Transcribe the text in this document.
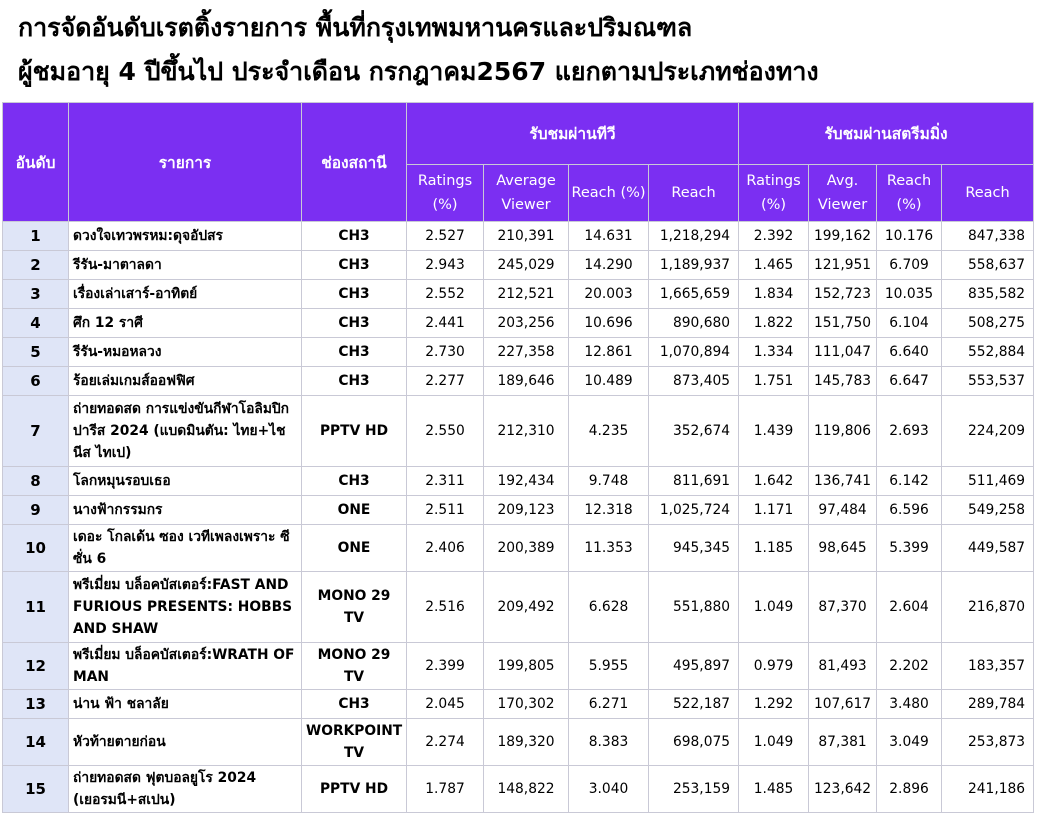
การจัดอันดับเรตติ้งรายการ พื้นที่กรุงเทพมหานครและปริมณฑล
ผู้ชมอายุ 4 ปีขึ้นไป ประจำเดือน กรกฎาคม2567 แยกตามประเภทช่องทาง
อันดับ	รายการ	ช่องสถานี	รับชมผ่านทีวี				รับชมผ่านสตรีมมิ่ง			
			Ratings (%)	Average Viewer	Reach (%)	Reach	Ratings (%)	Avg. Viewer	Reach (%)	Reach
1	ดวงใจเทวพรหม:ดุจอัปสร	CH3	2.527	210,391	14.631	1,218,294	2.392	199,162	10.176	847,338
2	รีรัน-มาตาลดา	CH3	2.943	245,029	14.290	1,189,937	1.465	121,951	6.709	558,637
3	เรื่องเล่าเสาร์-อาทิตย์	CH3	2.552	212,521	20.003	1,665,659	1.834	152,723	10.035	835,582
4	ศึก 12 ราศี	CH3	2.441	203,256	10.696	890,680	1.822	151,750	6.104	508,275
5	รีรัน-หมอหลวง	CH3	2.730	227,358	12.861	1,070,894	1.334	111,047	6.640	552,884
6	ร้อยเล่มเกมส์ออฟฟิศ	CH3	2.277	189,646	10.489	873,405	1.751	145,783	6.647	553,537
7	ถ่ายทอดสด การแข่งขันกีฬาโอลิมปิกปารีส 2024 (แบดมินตัน: ไทย+ไชนีส ไทเป)	PPTV HD	2.550	212,310	4.235	352,674	1.439	119,806	2.693	224,209
8	โลกหมุนรอบเธอ	CH3	2.311	192,434	9.748	811,691	1.642	136,741	6.142	511,469
9	นางฟ้ากรรมกร	ONE	2.511	209,123	12.318	1,025,724	1.171	97,484	6.596	549,258
10	เดอะ โกลเด้น ซอง เวทีเพลงเพราะ ซีซั่น 6	ONE	2.406	200,389	11.353	945,345	1.185	98,645	5.399	449,587
11	พรีเมี่ยม บล็อคบัสเตอร์:FAST AND FURIOUS PRESENTS: HOBBS AND SHAW	MONO 29 TV	2.516	209,492	6.628	551,880	1.049	87,370	2.604	216,870
12	พรีเมี่ยม บล็อคบัสเตอร์:WRATH OF MAN	MONO 29 TV	2.399	199,805	5.955	495,897	0.979	81,493	2.202	183,357
13	น่าน ฟ้า ชลาลัย	CH3	2.045	170,302	6.271	522,187	1.292	107,617	3.480	289,784
14	หัวท้ายตายก่อน	WORKPOINT TV	2.274	189,320	8.383	698,075	1.049	87,381	3.049	253,873
15	ถ่ายทอดสด ฟุตบอลยูโร 2024 (เยอรมนี+สเปน)	PPTV HD	1.787	148,822	3.040	253,159	1.485	123,642	2.896	241,186
